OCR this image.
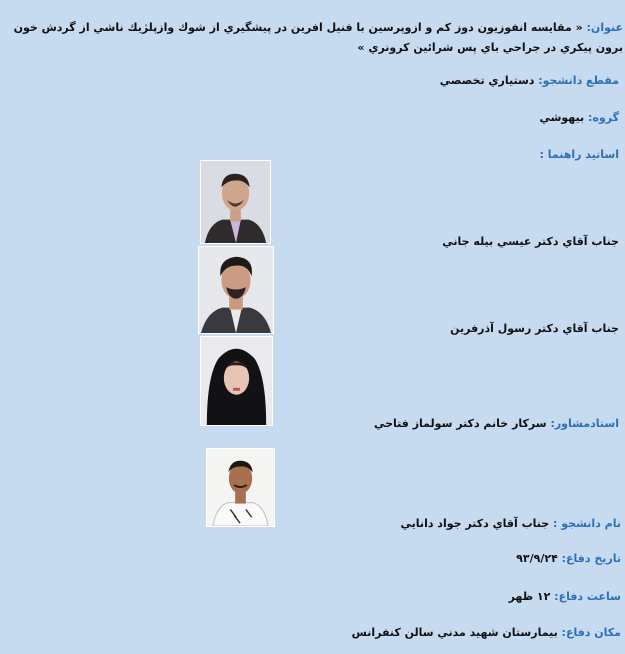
عنوان: « مقايسه انفوزيون دوز کم و ازوپرسين با فنيل افرين در پيشگيري از شوك وازپلژيك ناشي از گردش خون برون پيکري در جراحي باي پس شرائين کرونري »
مقطع دانشجو: دستياري تخصصي
گروه: بيهوشي
اساتيد راهنما :
جناب آقاي دکتر عيسي بيله جاني
جناب آقاي دکتر رسول آذرفرين
استادمشاور: سرکار خانم دکتر سولماز فتاحي
نام دانشجو : جناب آقاي دکتر جواد دانايي
تاريخ دفاع: ۹۳/۹/۲۴
ساعت دفاع: ۱۲ ظهر
مکان دفاع: بيمارستان شهيد مدني سالن کنفرانس
